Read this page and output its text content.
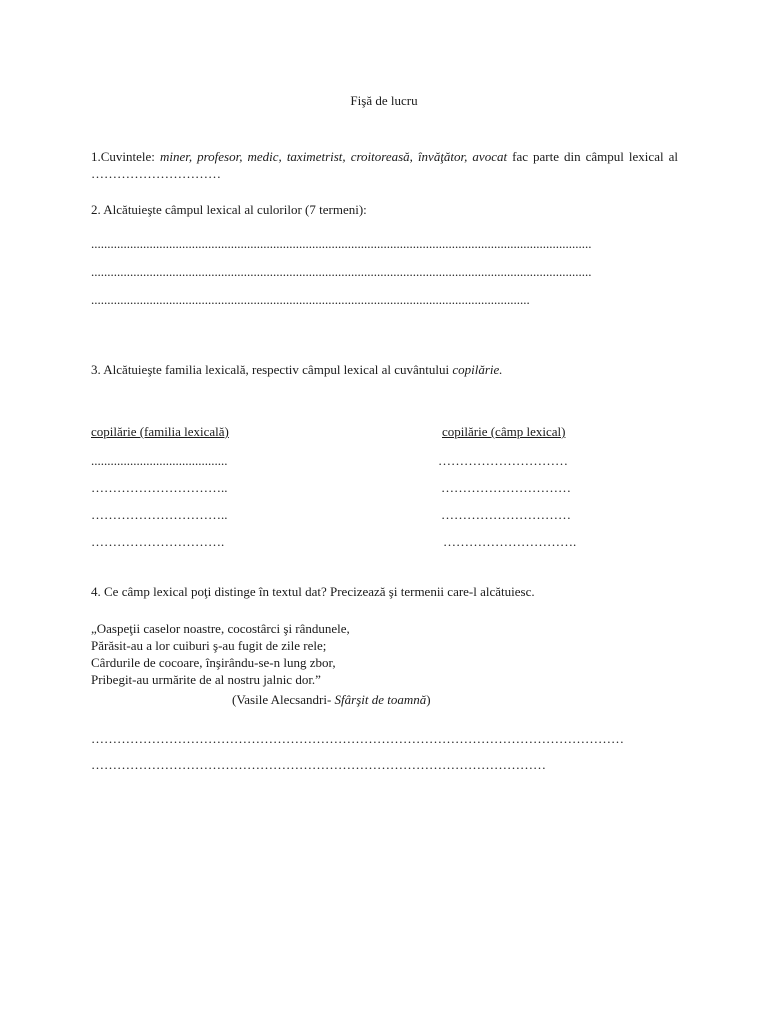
Fişă de lucru
1.Cuvintele: miner, profesor, medic, taximetrist, croitoreasă, învăţător, avocat fac parte din câmpul lexical al …………………………
2. Alcătuieşte câmpul lexical al culorilor (7 termeni):
..........................................................................................................................................................
..........................................................................................................................................................
.......................................................................................................................................
3. Alcătuieşte familia lexicală, respectiv câmpul lexical al cuvântului copilărie.
copilărie (familia lexicală)	copilărie (câmp lexical)
..........................................
…………………………..
…………………………..
………………………….
…………………………
…………………………
…………………………
………………………….
4. Ce câmp lexical poţi distinge în textul dat? Precizează şi termenii care-l alcătuiesc.
„Oaspeţii caselor noastre, cocostârci şi rândunele,
Părăsit-au a lor cuiburi ş-au fugit de zile rele;
Cârdurile de cocoare, înşirându-se-n lung zbor,
Pribegit-au urmărite de al nostru jalnic dor.”
(Vasile Alecsandri- Sfârşit de toamnă)
……………………………………………………………………………………………………………
……………………………………………………………………………………………
